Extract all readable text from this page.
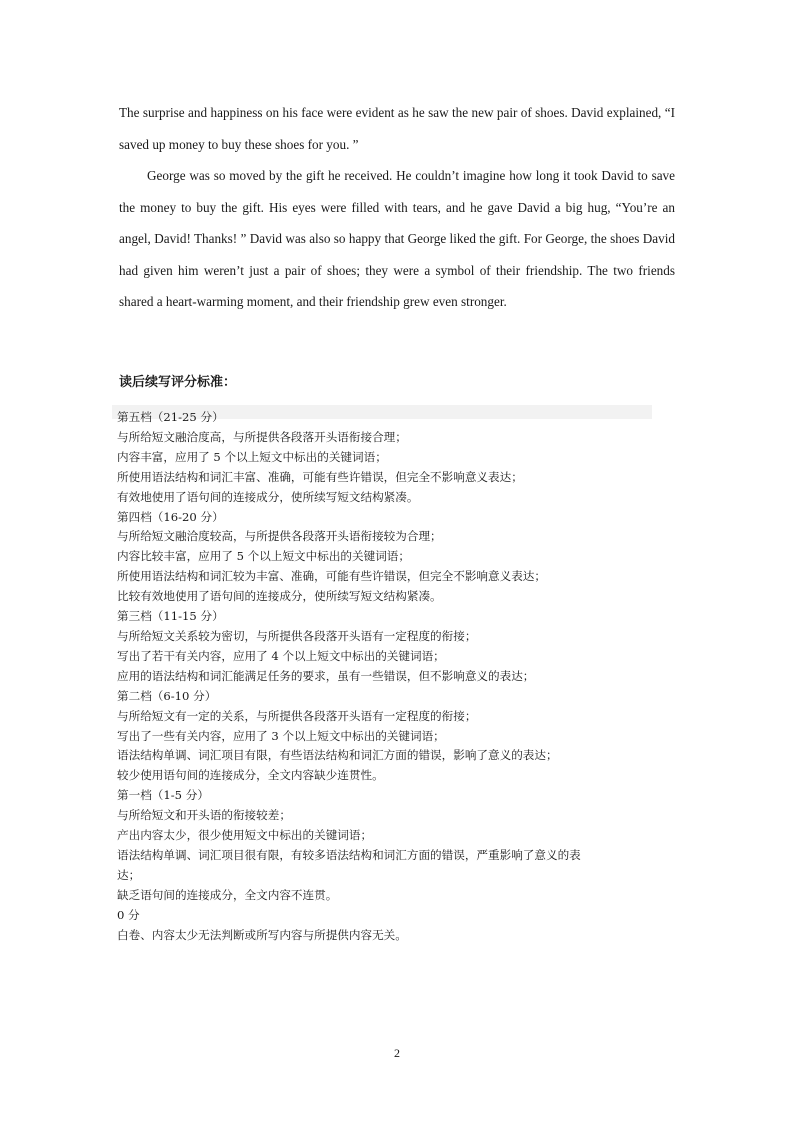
The surprise and happiness on his face were evident as he saw the new pair of shoes. David explained, “I saved up money to buy these shoes for you. ”

George was so moved by the gift he received. He couldn’t imagine how long it took David to save the money to buy the gift. His eyes were filled with tears, and he gave David a big hug, “You’re an angel, David! Thanks! ” David was also so happy that George liked the gift. For George, the shoes David had given him weren’t just a pair of shoes; they were a symbol of their friendship. The two friends shared a heart-warming moment, and their friendship grew even stronger.

读后续写评分标准：
第五档（21-25 分）
与所给短文融洽度高，与所提供各段落开头语衔接合理；
内容丰富，应用了 5 个以上短文中标出的关键词语；
所使用语法结构和词汇丰富、准确，可能有些许错误，但完全不影响意义表达；
有效地使用了语句间的连接成分，使所续写短文结构紧凑。
第四档（16-20 分）
与所给短文融洽度较高，与所提供各段落开头语衔接较为合理；
内容比较丰富，应用了 5 个以上短文中标出的关键词语；
所使用语法结构和词汇较为丰富、准确，可能有些许错误，但完全不影响意义表达；
比较有效地使用了语句间的连接成分，使所续写短文结构紧凑。
第三档（11-15 分）
与所给短文关系较为密切，与所提供各段落开头语有一定程度的衔接；
写出了若干有关内容，应用了 4 个以上短文中标出的关键词语；
应用的语法结构和词汇能满足任务的要求，虽有一些错误，但不影响意义的表达；
第二档（6-10 分）
与所给短文有一定的关系，与所提供各段落开头语有一定程度的衔接；
写出了一些有关内容，应用了 3 个以上短文中标出的关键词语；
语法结构单调、词汇项目有限，有些语法结构和词汇方面的错误，影响了意义的表达；
较少使用语句间的连接成分，全文内容缺少连贯性。
第一档（1-5 分）
与所给短文和开头语的衔接较差；
产出内容太少，很少使用短文中标出的关键词语；
语法结构单调、词汇项目很有限，有较多语法结构和词汇方面的错误，严重影响了意义的表
达；
缺乏语句间的连接成分，全文内容不连贯。
0 分
白卷、内容太少无法判断或所写内容与所提供内容无关。
2
